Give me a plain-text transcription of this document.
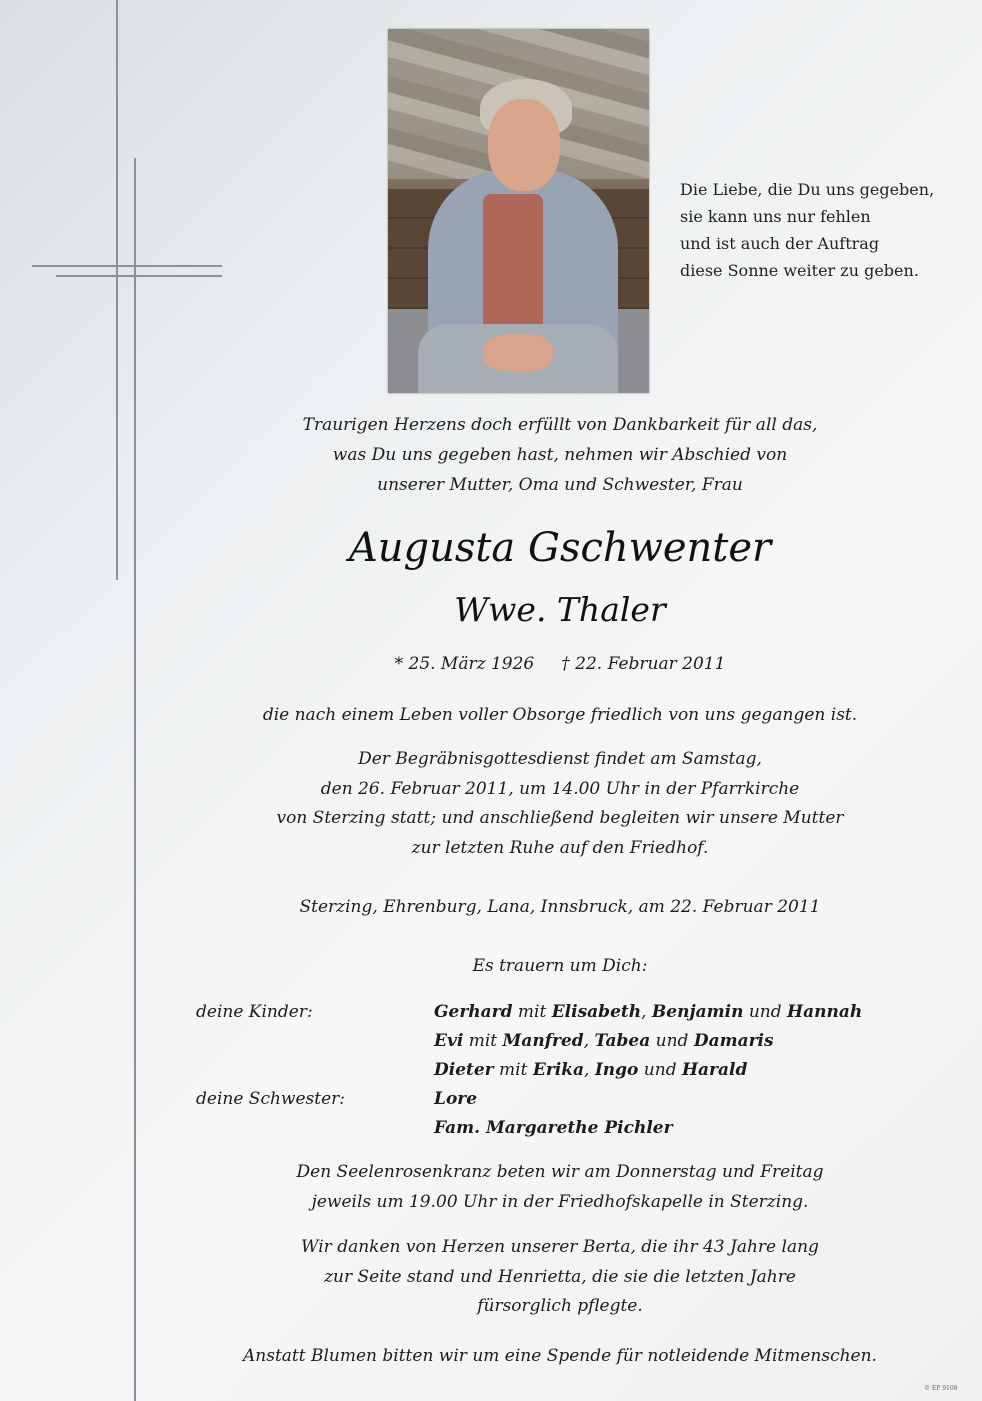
Die Liebe, die Du uns gegeben,
sie kann uns nur fehlen
und ist auch der Auftrag
diese Sonne weiter zu geben.
Traurigen Herzens doch erfüllt von Dankbarkeit für all das,
was Du uns gegeben hast, nehmen wir Abschied von
unserer Mutter, Oma und Schwester, Frau
Augusta Gschwenter
Wwe. Thaler
* 25. März 1926     † 22. Februar 2011
die nach einem Leben voller Obsorge friedlich von uns gegangen ist.
Der Begräbnisgottesdienst findet am Samstag,
den 26. Februar 2011, um 14.00 Uhr in der Pfarrkirche
von Sterzing statt; und anschließend begleiten wir unsere Mutter
zur letzten Ruhe auf den Friedhof.
Sterzing, Ehrenburg, Lana, Innsbruck, am 22. Februar 2011
Es trauern um Dich:
deine Kinder:	Gerhard mit Elisabeth, Benjamin und Hannah
Evi mit Manfred, Tabea und Damaris
Dieter mit Erika, Ingo und Harald
deine Schwester:	Lore
Fam. Margarethe Pichler
Den Seelenrosenkranz beten wir am Donnerstag und Freitag
jeweils um 19.00 Uhr in der Friedhofskapelle in Sterzing.
Wir danken von Herzen unserer Berta, die ihr 43 Jahre lang
zur Seite stand und Henrietta, die sie die letzten Jahre
fürsorglich pflegte.
Anstatt Blumen bitten wir um eine Spende für notleidende Mitmenschen.
© EP 9108
